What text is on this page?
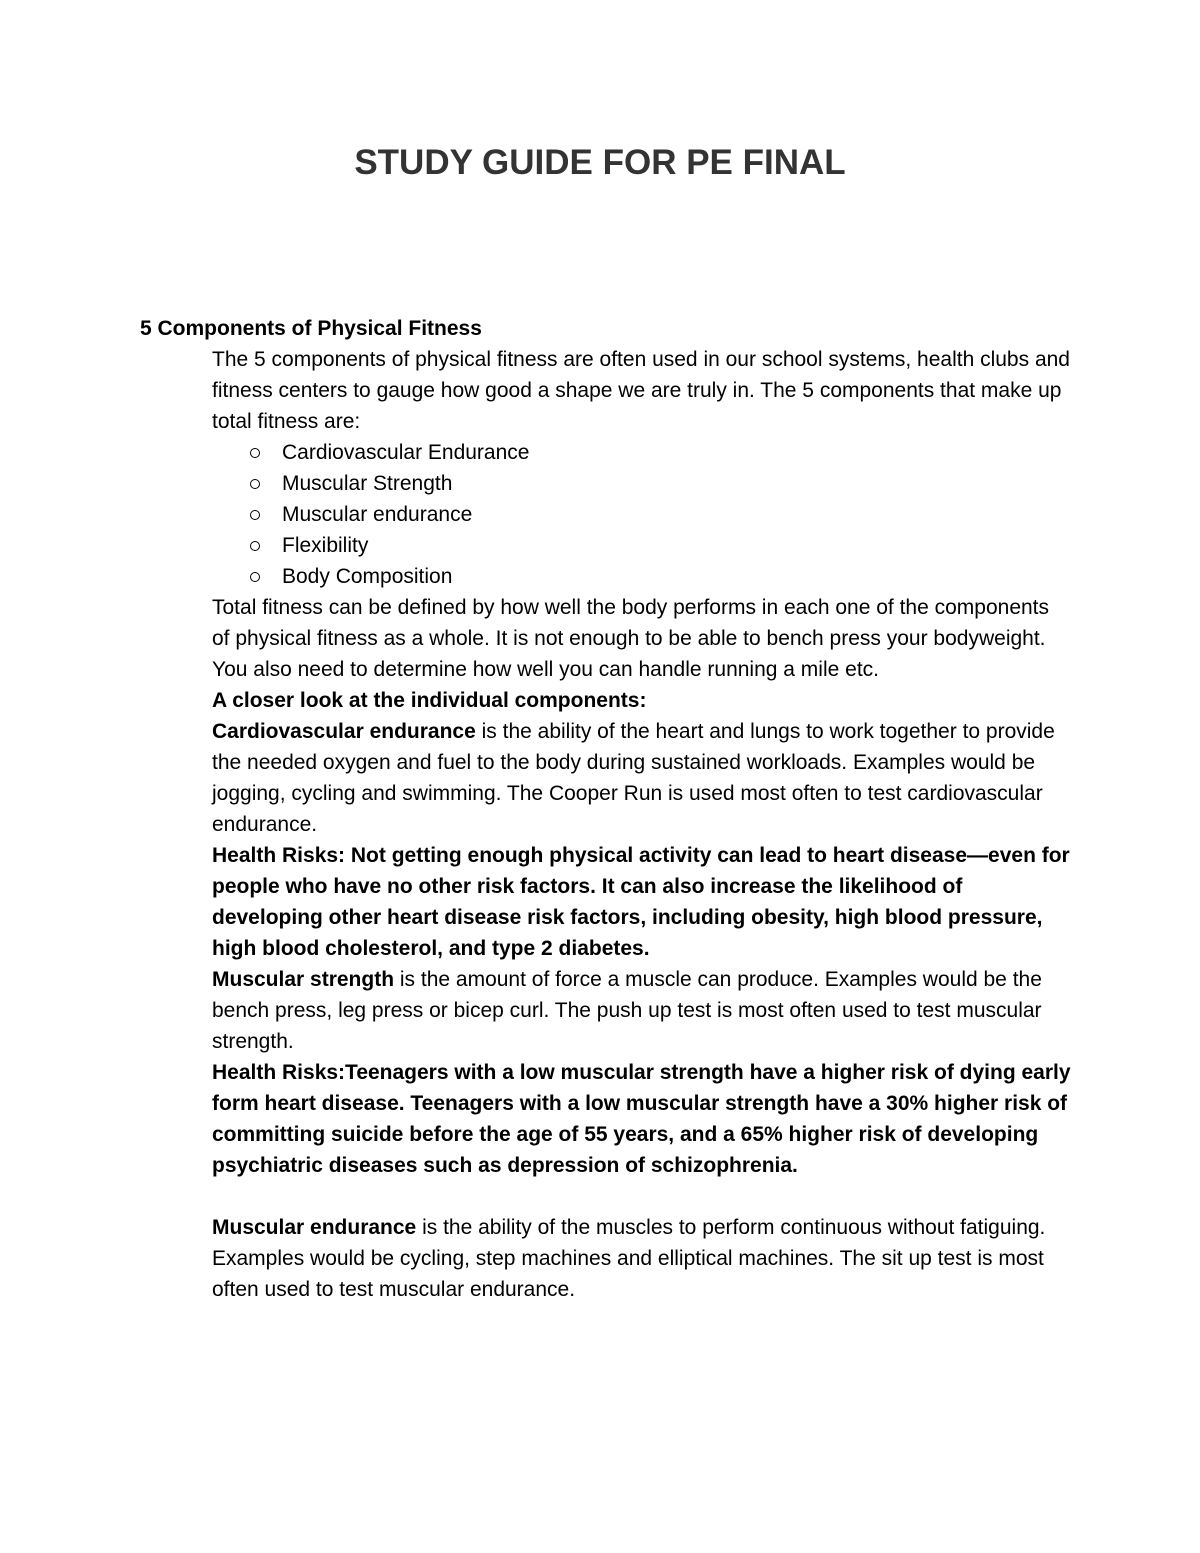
STUDY GUIDE FOR PE FINAL
5 Components of Physical Fitness

The 5 components of physical fitness are often used in our school systems, health clubs and fitness centers to gauge how good a shape we are truly in. The 5 components that make up total fitness are:

Cardiovascular Endurance
Muscular Strength
Muscular endurance
Flexibility
Body Composition

Total fitness can be defined by how well the body performs in each one of the components of physical fitness as a whole. It is not enough to be able to bench press your bodyweight. You also need to determine how well you can handle running a mile etc.

A closer look at the individual components:

Cardiovascular endurance is the ability of the heart and lungs to work together to provide the needed oxygen and fuel to the body during sustained workloads. Examples would be jogging, cycling and swimming. The Cooper Run is used most often to test cardiovascular endurance.

Health Risks: Not getting enough physical activity can lead to heart disease—even for people who have no other risk factors. It can also increase the likelihood of developing other heart disease risk factors, including obesity, high blood pressure, high blood cholesterol, and type 2 diabetes.

Muscular strength is the amount of force a muscle can produce. Examples would be the bench press, leg press or bicep curl. The push up test is most often used to test muscular strength.

Health Risks:Teenagers with a low muscular strength have a higher risk of dying early form heart disease. Teenagers with a low muscular strength have a 30% higher risk of committing suicide before the age of 55 years, and a 65% higher risk of developing psychiatric diseases such as depression of schizophrenia.

Muscular endurance is the ability of the muscles to perform continuous without fatiguing. Examples would be cycling, step machines and elliptical machines. The sit up test is most often used to test muscular endurance.
